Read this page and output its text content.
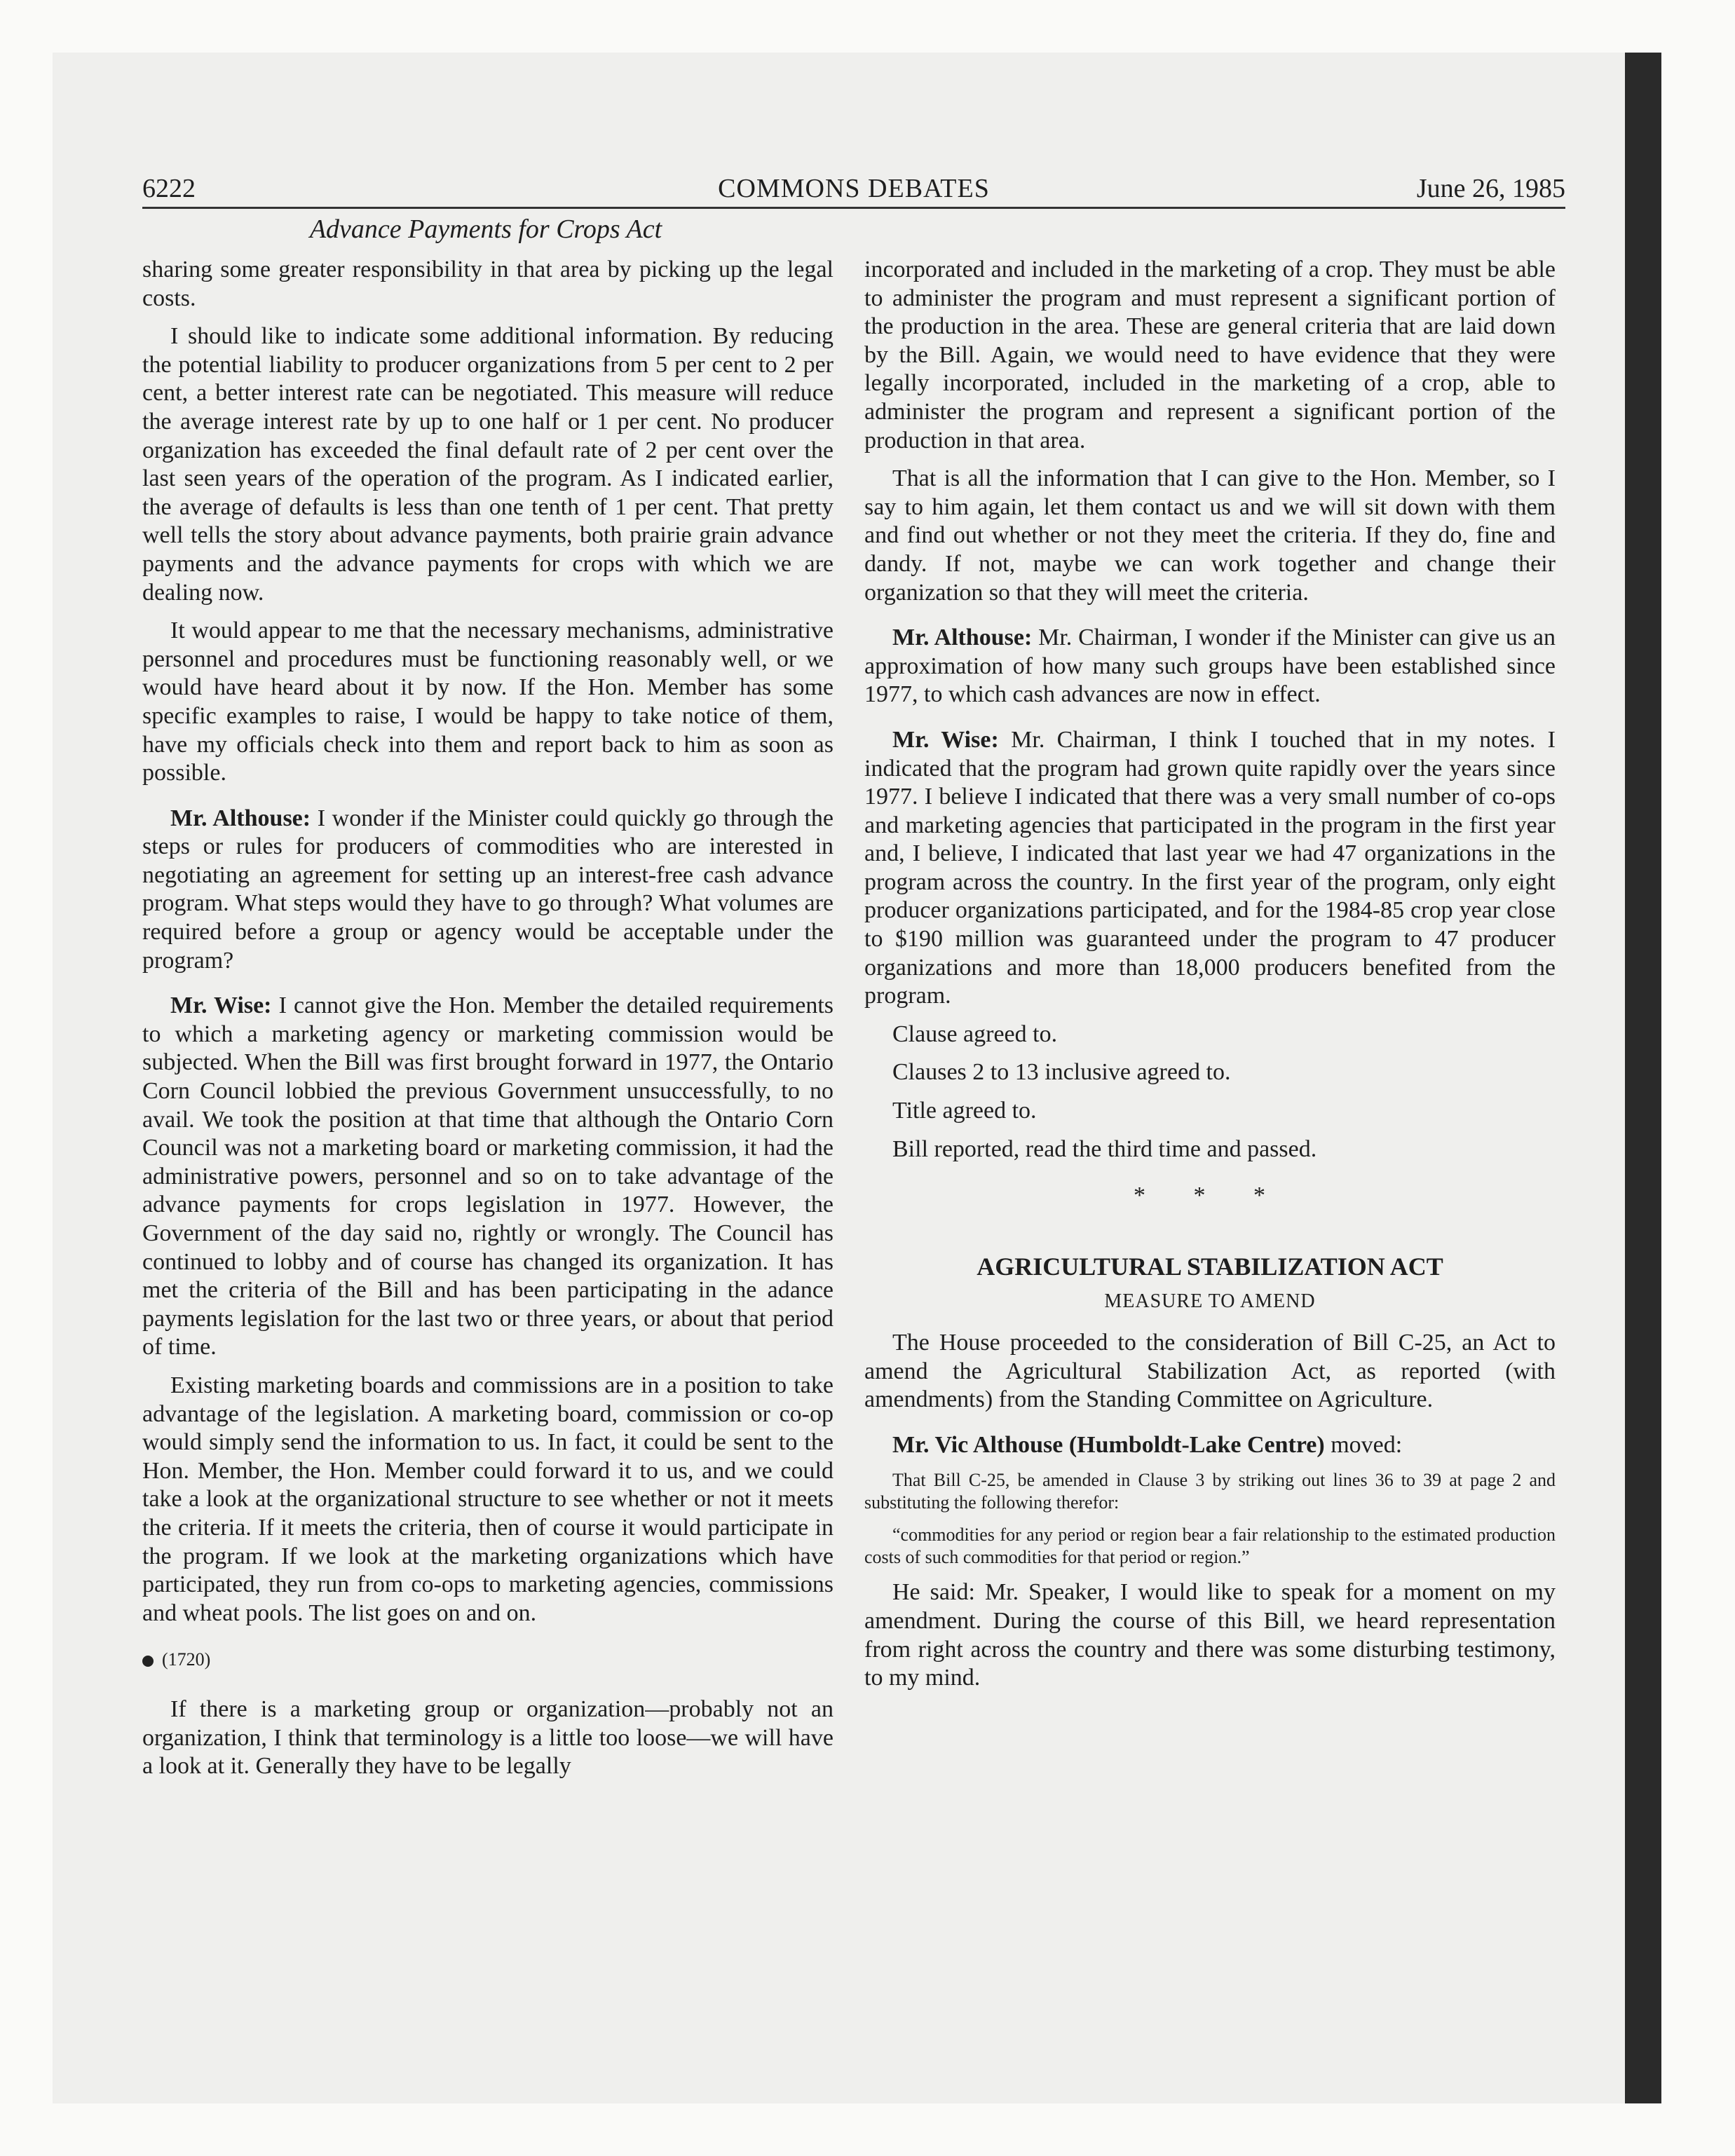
6222	COMMONS DEBATES	June 26, 1985
Advance Payments for Crops Act

sharing some greater responsibility in that area by picking up the legal costs.

I should like to indicate some additional information. By reducing the potential liability to producer organizations from 5 per cent to 2 per cent, a better interest rate can be negotiated. This measure will reduce the average interest rate by up to one half or 1 per cent. No producer organization has exceeded the final default rate of 2 per cent over the last seen years of the operation of the program. As I indicated earlier, the average of defaults is less than one tenth of 1 per cent. That pretty well tells the story about advance payments, both prairie grain advance payments and the advance payments for crops with which we are dealing now.

It would appear to me that the necessary mechanisms, administrative personnel and procedures must be functioning reasonably well, or we would have heard about it by now. If the Hon. Member has some specific examples to raise, I would be happy to take notice of them, have my officials check into them and report back to him as soon as possible.

Mr. Althouse: I wonder if the Minister could quickly go through the steps or rules for producers of commodities who are interested in negotiating an agreement for setting up an interest-free cash advance program. What steps would they have to go through? What volumes are required before a group or agency would be acceptable under the program?

Mr. Wise: I cannot give the Hon. Member the detailed requirements to which a marketing agency or marketing commission would be subjected. When the Bill was first brought forward in 1977, the Ontario Corn Council lobbied the previous Government unsuccessfully, to no avail. We took the position at that time that although the Ontario Corn Council was not a marketing board or marketing commission, it had the administrative powers, personnel and so on to take advantage of the advance payments for crops legislation in 1977. However, the Government of the day said no, rightly or wrongly. The Council has continued to lobby and of course has changed its organization. It has met the criteria of the Bill and has been participating in the adance payments legislation for the last two or three years, or about that period of time.

Existing marketing boards and commissions are in a position to take advantage of the legislation. A marketing board, commission or co-op would simply send the information to us. In fact, it could be sent to the Hon. Member, the Hon. Member could forward it to us, and we could take a look at the organizational structure to see whether or not it meets the criteria. If it meets the criteria, then of course it would participate in the program. If we look at the marketing organizations which have participated, they run from co-ops to marketing agencies, commissions and wheat pools. The list goes on and on.

(1720)

If there is a marketing group or organization—probably not an organization, I think that terminology is a little too loose—we will have a look at it. Generally they have to be legally

incorporated and included in the marketing of a crop. They must be able to administer the program and must represent a significant portion of the production in the area. These are general criteria that are laid down by the Bill. Again, we would need to have evidence that they were legally incorporated, included in the marketing of a crop, able to administer the program and represent a significant portion of the production in that area.

That is all the information that I can give to the Hon. Member, so I say to him again, let them contact us and we will sit down with them and find out whether or not they meet the criteria. If they do, fine and dandy. If not, maybe we can work together and change their organization so that they will meet the criteria.

Mr. Althouse: Mr. Chairman, I wonder if the Minister can give us an approximation of how many such groups have been established since 1977, to which cash advances are now in effect.

Mr. Wise: Mr. Chairman, I think I touched that in my notes. I indicated that the program had grown quite rapidly over the years since 1977. I believe I indicated that there was a very small number of co-ops and marketing agencies that participated in the program in the first year and, I believe, I indicated that last year we had 47 organizations in the program across the country. In the first year of the program, only eight producer organizations participated, and for the 1984-85 crop year close to $190 million was guaranteed under the program to 47 producer organizations and more than 18,000 producers benefited from the program.

Clause agreed to.

Clauses 2 to 13 inclusive agreed to.

Title agreed to.

Bill reported, read the third time and passed.

* * *
AGRICULTURAL STABILIZATION ACT
MEASURE TO AMEND

The House proceeded to the consideration of Bill C-25, an Act to amend the Agricultural Stabilization Act, as reported (with amendments) from the Standing Committee on Agriculture.

Mr. Vic Althouse (Humboldt-Lake Centre) moved:

That Bill C-25, be amended in Clause 3 by striking out lines 36 to 39 at page 2 and substituting the following therefor:

“commodities for any period or region bear a fair relationship to the estimated production costs of such commodities for that period or region.”

He said: Mr. Speaker, I would like to speak for a moment on my amendment. During the course of this Bill, we heard representation from right across the country and there was some disturbing testimony, to my mind.
